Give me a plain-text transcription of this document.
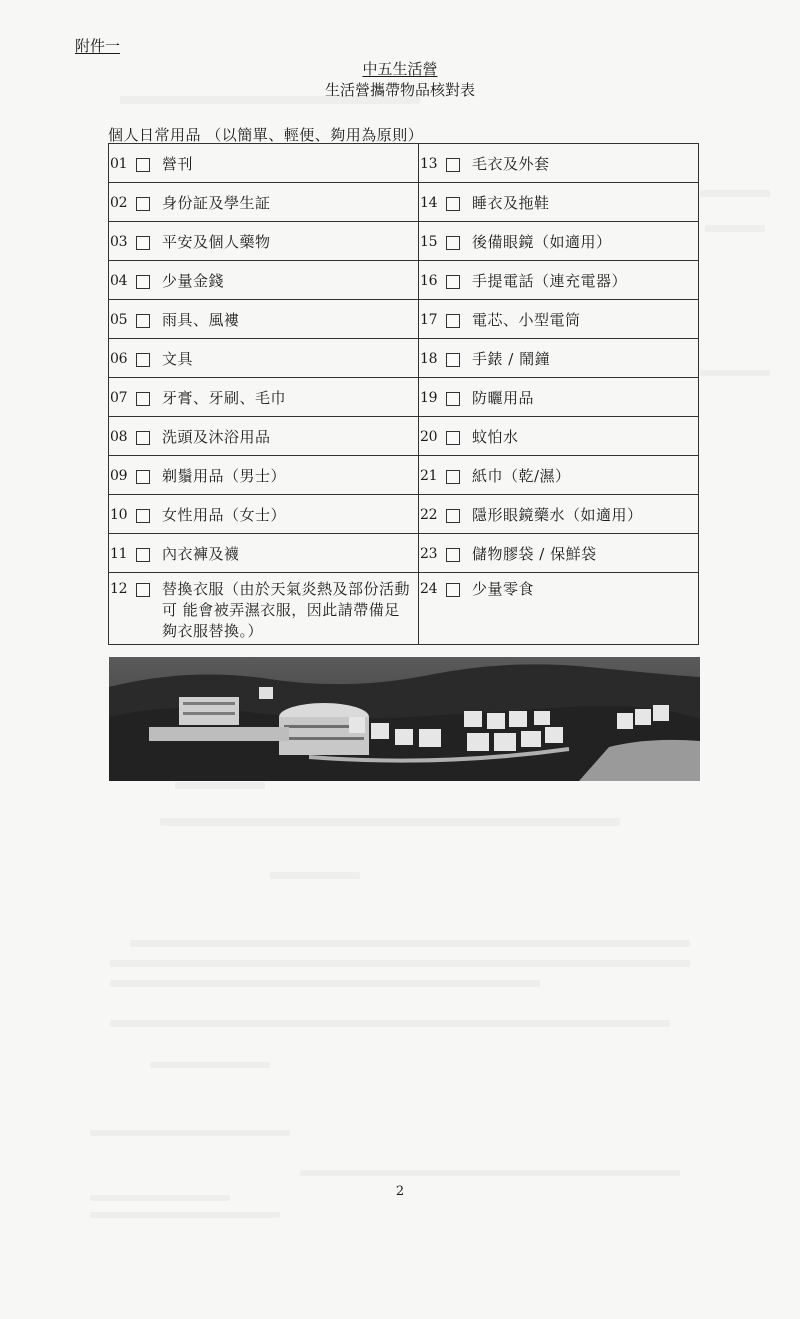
附件一
中五生活營
生活營攜帶物品核對表
個人日常用品 （以簡單、輕便、夠用為原則）
01 營刊	13 毛衣及外套

02 身份証及學生証	14 睡衣及拖鞋

03 平安及個人藥物	15 後備眼鏡（如適用）

04 少量金錢	16 手提電話（連充電器）

05 雨具、風褸	17 電芯、小型電筒

06 文具	18 手錶 / 鬧鐘

07 牙膏、牙刷、毛巾	19 防曬用品

08 洗頭及沐浴用品	20 蚊怕水

09 剃鬚用品（男士）	21 紙巾（乾/濕）

10 女性用品（女士）	22 隱形眼鏡藥水（如適用）

11 內衣褲及襪	23 儲物膠袋 / 保鮮袋

12 替換衣服（由於天氣炎熱及部份活動可 能會被弄濕衣服，因此請帶備足夠衣服替換。）	24 少量零食
2
